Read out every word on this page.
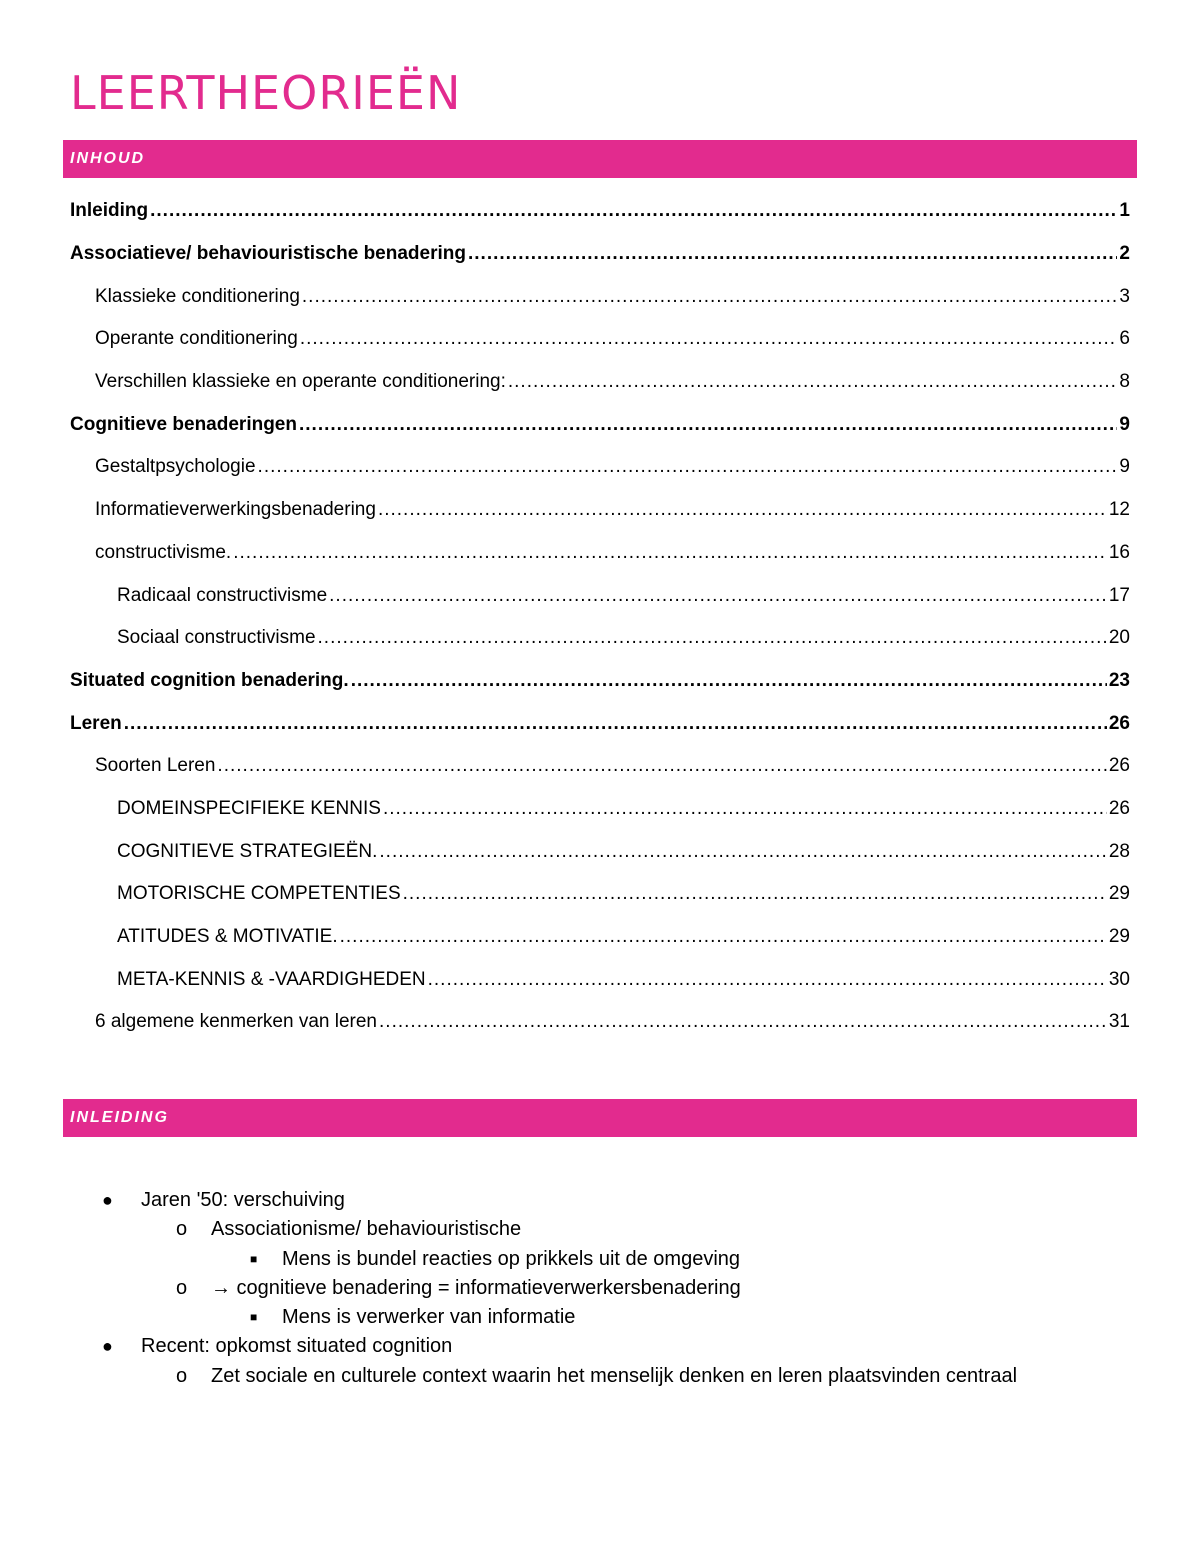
LEERTHEORIEËN
INHOUD
Inleiding .....	1
Associatieve/ behaviouristische benadering .....	2
Klassieke conditionering .....	3
Operante conditionering .....	6
Verschillen klassieke en operante conditionering: .....	8
Cognitieve benaderingen .....	9
Gestaltpsychologie .....	9
Informatieverwerkingsbenadering .....	12
constructivisme. .....	16
Radicaal constructivisme .....	17
Sociaal constructivisme .....	20
Situated cognition benadering. .....	23
Leren .....	26
Soorten Leren .....	26
DOMEINSPECIFIEKE KENNIS .....	26
COGNITIEVE STRATEGIEËN. .....	28
MOTORISCHE COMPETENTIES .....	29
ATITUDES & MOTIVATIE. .....	29
META-KENNIS & -VAARDIGHEDEN .....	30
6 algemene kenmerken van leren .....	31
INLEIDING
● Jaren '50: verschuiving
o Associationisme/ behaviouristische
■ Mens is bundel reacties op prikkels uit de omgeving
o → cognitieve benadering = informatieverwerkersbenadering
■ Mens is verwerker van informatie
● Recent: opkomst situated cognition
o Zet sociale en culturele context waarin het menselijk denken en leren plaatsvinden centraal
